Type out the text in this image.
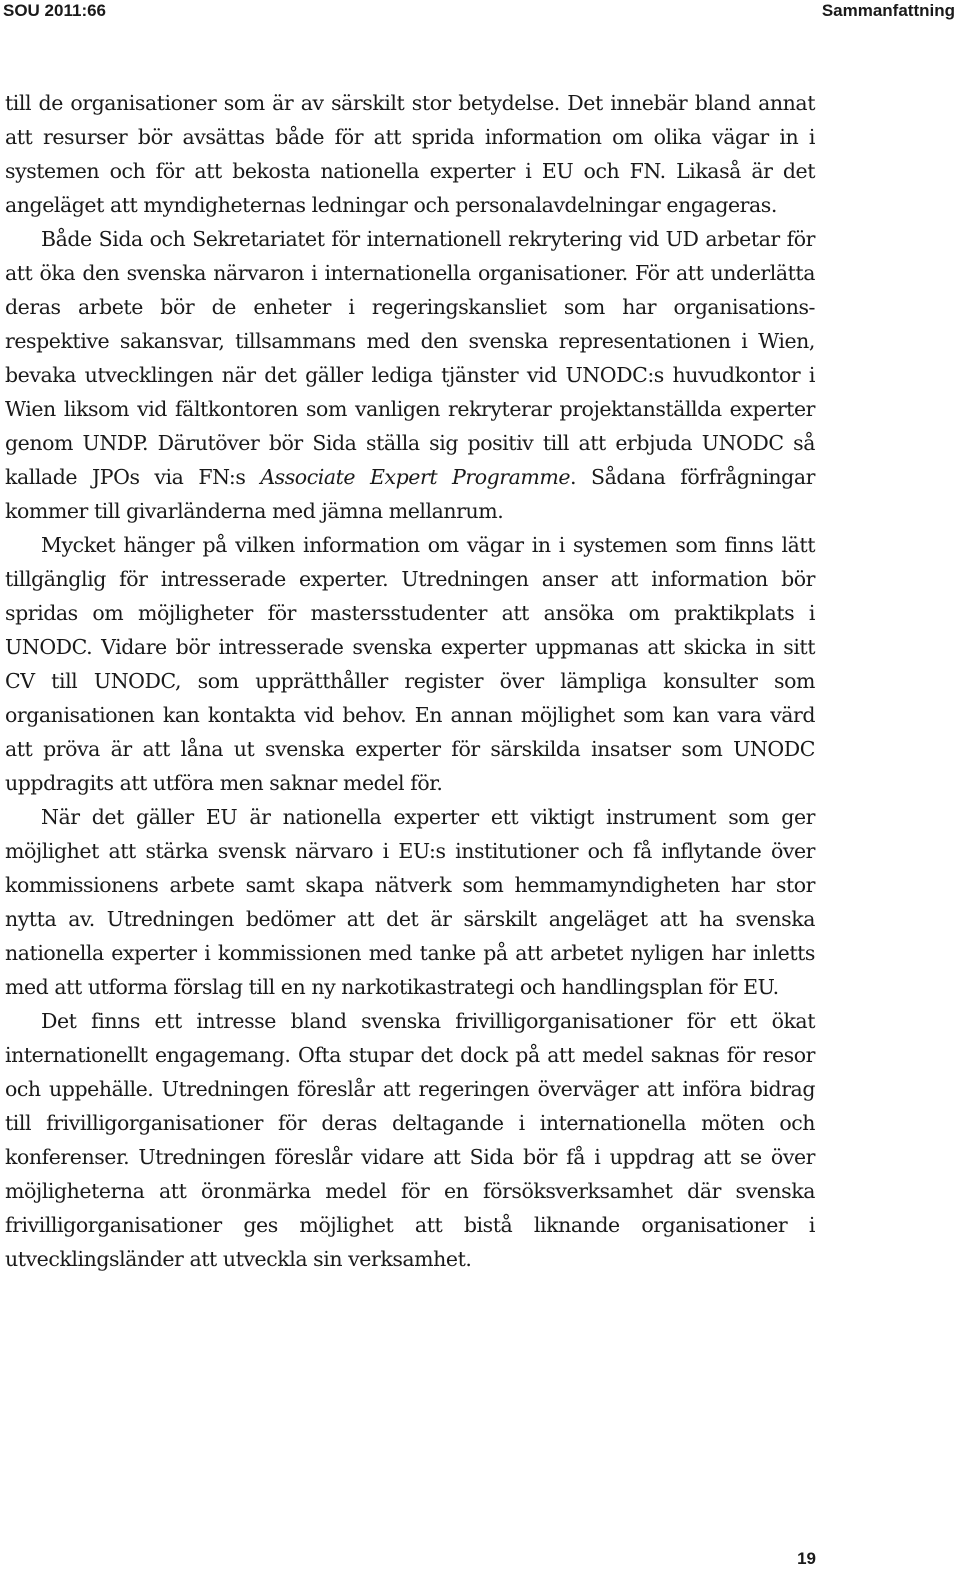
SOU 2011:66	Sammanfattning

till de organisationer som är av särskilt stor betydelse. Det innebär bland annat att resurser bör avsättas både för att sprida information om olika vägar in i systemen och för att bekosta nationella experter i EU och FN. Likaså är det angeläget att myndigheternas ledningar och personalavdelningar engageras.

Både Sida och Sekretariatet för internationell rekrytering vid UD arbetar för att öka den svenska närvaron i internationella organisationer. För att underlätta deras arbete bör de enheter i regeringskansliet som har organisations- respektive sakansvar, tillsammans med den svenska representationen i Wien, bevaka utvecklingen när det gäller lediga tjänster vid UNODC:s huvudkontor i Wien liksom vid fältkontoren som vanligen rekryterar projektanställda experter genom UNDP. Därutöver bör Sida ställa sig positiv till att erbjuda UNODC så kallade JPOs via FN:s Associate Expert Programme. Sådana förfrågningar kommer till givarländerna med jämna mellanrum.

Mycket hänger på vilken information om vägar in i systemen som finns lätt tillgänglig för intresserade experter. Utredningen anser att information bör spridas om möjligheter för mastersstudenter att ansöka om praktikplats i UNODC. Vidare bör intresserade svenska experter uppmanas att skicka in sitt CV till UNODC, som upprätthåller register över lämpliga konsulter som organisationen kan kontakta vid behov. En annan möjlighet som kan vara värd att pröva är att låna ut svenska experter för särskilda insatser som UNODC uppdragits att utföra men saknar medel för.

När det gäller EU är nationella experter ett viktigt instrument som ger möjlighet att stärka svensk närvaro i EU:s institutioner och få inflytande över kommissionens arbete samt skapa nätverk som hemmamyndigheten har stor nytta av. Utredningen bedömer att det är särskilt angeläget att ha svenska nationella experter i kommissionen med tanke på att arbetet nyligen har inletts med att utforma förslag till en ny narkotikastrategi och handlingsplan för EU.

Det finns ett intresse bland svenska frivilligorganisationer för ett ökat internationellt engagemang. Ofta stupar det dock på att medel saknas för resor och uppehälle. Utredningen föreslår att regeringen överväger att införa bidrag till frivilligorganisationer för deras deltagande i internationella möten och konferenser. Utredningen föreslår vidare att Sida bör få i uppdrag att se över möjligheterna att öronmärka medel för en försöksverksamhet där svenska frivilligorganisationer ges möjlighet att bistå liknande organisationer i utvecklingsländer att utveckla sin verksamhet.

19
